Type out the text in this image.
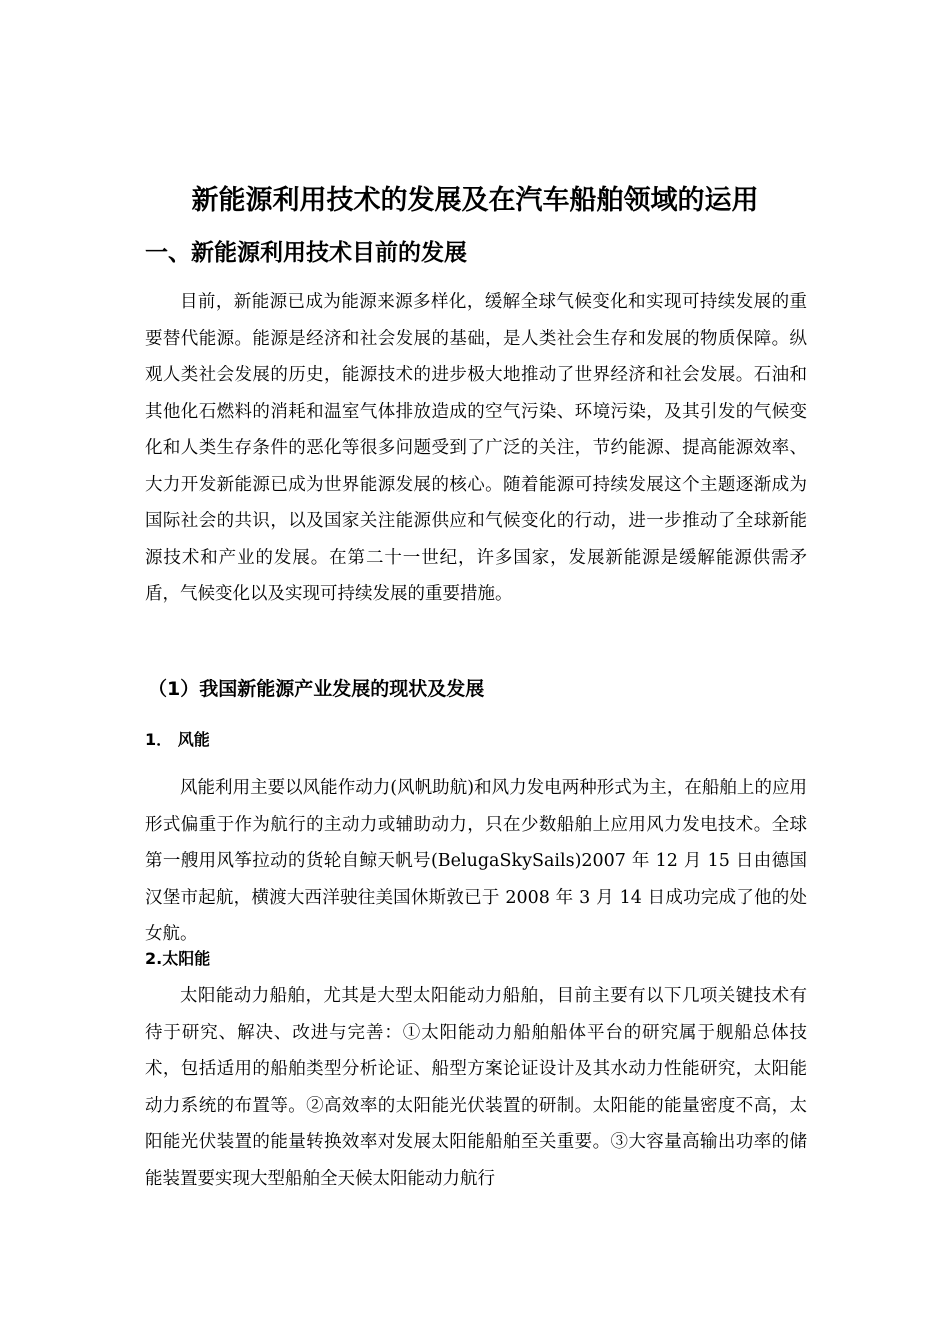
新能源利用技术的发展及在汽车船舶领域的运用
一、新能源利用技术目前的发展

目前，新能源已成为能源来源多样化，缓解全球气候变化和实现可持续发展的重要替代能源。能源是经济和社会发展的基础，是人类社会生存和发展的物质保障。纵观人类社会发展的历史，能源技术的进步极大地推动了世界经济和社会发展。石油和其他化石燃料的消耗和温室气体排放造成的空气污染、环境污染，及其引发的气候变化和人类生存条件的恶化等很多问题受到了广泛的关注，节约能源、提高能源效率、大力开发新能源已成为世界能源发展的核心。随着能源可持续发展这个主题逐渐成为国际社会的共识，以及国家关注能源供应和气候变化的行动，进一步推动了全球新能源技术和产业的发展。在第二十一世纪，许多国家，发展新能源是缓解能源供需矛盾，气候变化以及实现可持续发展的重要措施。

（1）我国新能源产业发展的现状及发展
1． 风能

风能利用主要以风能作动力(风帆助航)和风力发电两种形式为主，在船舶上的应用形式偏重于作为航行的主动力或辅助动力，只在少数船舶上应用风力发电技术。全球第一艘用风筝拉动的货轮自鲸天帆号(BelugaSkySails)2007 年 12 月 15 日由德国汉堡市起航，横渡大西洋驶往美国休斯敦已于 2008 年 3 月 14 日成功完成了他的处女航。

2.太阳能

太阳能动力船舶，尤其是大型太阳能动力船舶，目前主要有以下几项关键技术有待于研究、解决、改进与完善：①太阳能动力船舶船体平台的研究属于舰船总体技术，包括适用的船舶类型分析论证、船型方案论证设计及其水动力性能研究，太阳能动力系统的布置等。②高效率的太阳能光伏装置的研制。太阳能的能量密度不高，太阳能光伏装置的能量转换效率对发展太阳能船舶至关重要。③大容量高输出功率的储能装置要实现大型船舶全天候太阳能动力航行
